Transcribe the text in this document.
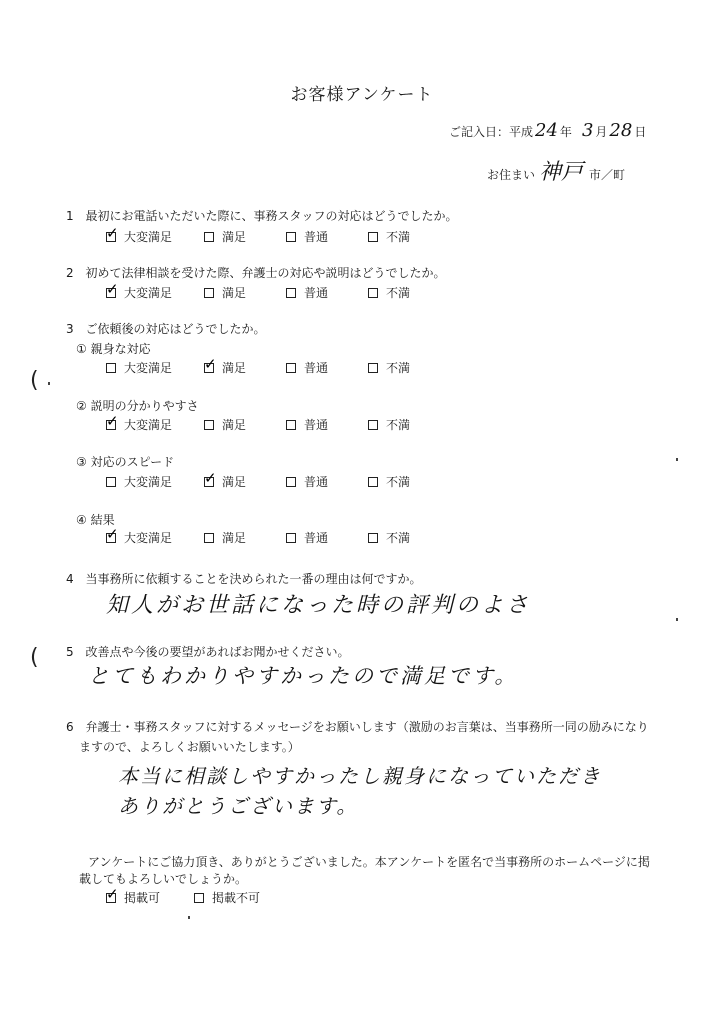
お客様アンケート
ご記入日：平成 24 年 3 月 28 日
お住まい 神戸 市／町
1 最初にお電話いただいた際に、事務スタッフの対応はどうでしたか。
✓
大変満足	満足	普通	不満
2 初めて法律相談を受けた際、弁護士の対応や説明はどうでしたか。
✓
大変満足	満足	普通	不満
3 ご依頼後の対応はどうでしたか。
① 親身な対応
大変満足 ✓	満足	普通	不満
② 説明の分かりやすさ
✓
大変満足	満足	普通	不満
③ 対応のスピード
大変満足 ✓	満足	普通	不満
④ 結果
✓
大変満足	満足	普通	不満
4 当事務所に依頼することを決められた一番の理由は何ですか。
知人がお世話になった時の評判のよさ
5 改善点や今後の要望があればお聞かせください。
とてもわかりやすかったので満足です。
6 弁護士・事務スタッフに対するメッセージをお願いします（激励のお言葉は、当事務所一同の励みになり
ますので、よろしくお願いいたします。）
本当に相談しやすかったし親身になっていただき
ありがとうございます。
アンケートにご協力頂き、ありがとうございました。本アンケートを匿名で当事務所のホームページに掲
載してもよろしいでしょうか。
✓
掲載可	掲載不可
(
(
